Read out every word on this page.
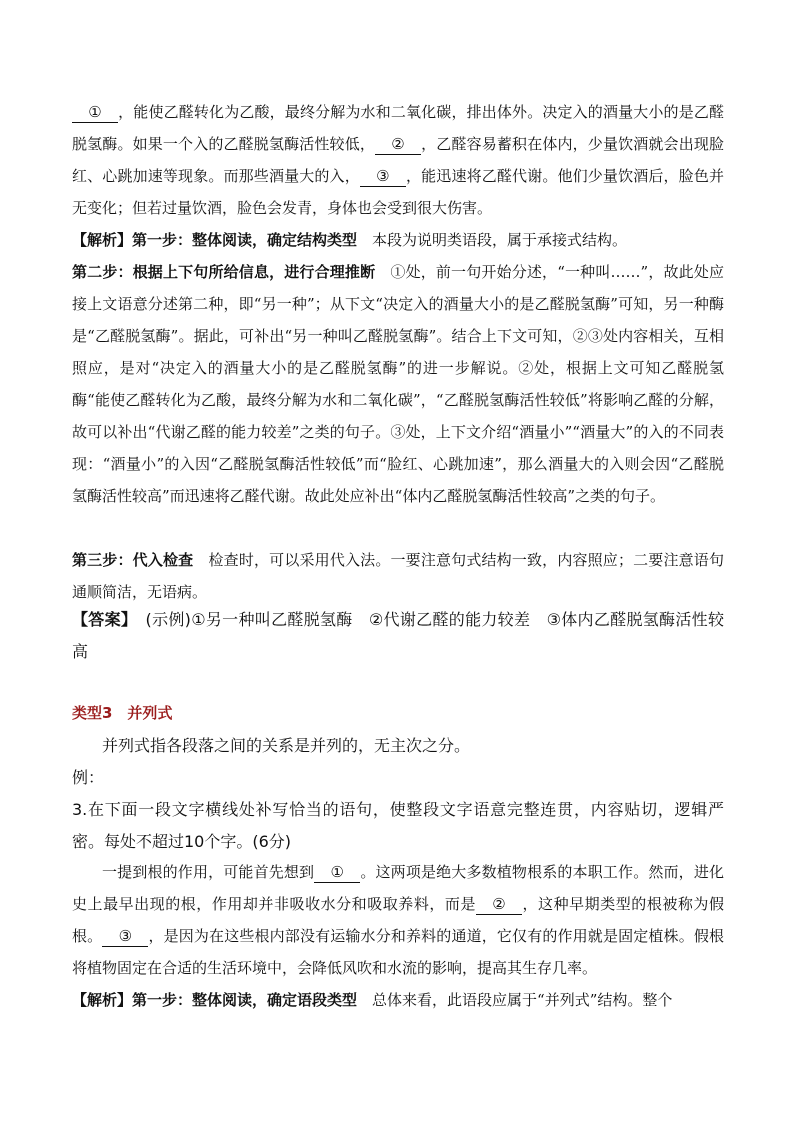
① ，能使乙醛转化为乙酸，最终分解为水和二氧化碳，排出体外。决定入的酒量大小的是乙醛脱氢酶。如果一个入的乙醛脱氢酶活性较低， ② ，乙醛容易蓄积在体内，少量饮酒就会出现脸红、心跳加速等现象。而那些酒量大的入， ③ ，能迅速将乙醛代谢。他们少量饮酒后，脸色并无变化；但若过量饮酒，脸色会发青，身体也会受到很大伤害。

【解析】第一步：整体阅读，确定结构类型　本段为说明类语段，属于承接式结构。

第二步：根据上下句所给信息，进行合理推断　①处，前一句开始分述，“一种叫……”，故此处应接上文语意分述第二种，即“另一种”；从下文“决定入的酒量大小的是乙醛脱氢酶”可知，另一种酶是“乙醛脱氢酶”。据此，可补出“另一种叫乙醛脱氢酶”。结合上下文可知，②③处内容相关，互相照应，是对“决定入的酒量大小的是乙醛脱氢酶”的进一步解说。②处，根据上文可知乙醛脱氢酶“能使乙醛转化为乙酸，最终分解为水和二氧化碳”，“乙醛脱氢酶活性较低”将影响乙醛的分解，故可以补出“代谢乙醛的能力较差”之类的句子。③处，上下文介绍“酒量小”“酒量大”的入的不同表现：“酒量小”的入因“乙醛脱氢酶活性较低”而“脸红、心跳加速”，那么酒量大的入则会因“乙醛脱氢酶活性较高”而迅速将乙醛代谢。故此处应补出“体内乙醛脱氢酶活性较高”之类的句子。

第三步：代入检查　检查时，可以采用代入法。一要注意句式结构一致，内容照应；二要注意语句通顺简洁，无语病。

【答案】　(示例)①另一种叫乙醛脱氢酶　②代谢乙醛的能力较差　③体内乙醛脱氢酶活性较高

类型3　并列式

并列式指各段落之间的关系是并列的，无主次之分。

例：

3.在下面一段文字横线处补写恰当的语句，使整段文字语意完整连贯，内容贴切，逻辑严密。每处不超过10个字。(6分)

一提到根的作用，可能首先想到 ① 。这两项是绝大多数植物根系的本职工作。然而，进化史上最早出现的根，作用却并非吸收水分和吸取养料，而是 ② ，这种早期类型的根被称为假根。 ③ ，是因为在这些根内部没有运输水分和养料的通道，它仅有的作用就是固定植株。假根将植物固定在合适的生活环境中，会降低风吹和水流的影响，提高其生存几率。

【解析】第一步：整体阅读，确定语段类型　总体来看，此语段应属于“并列式”结构。整个
